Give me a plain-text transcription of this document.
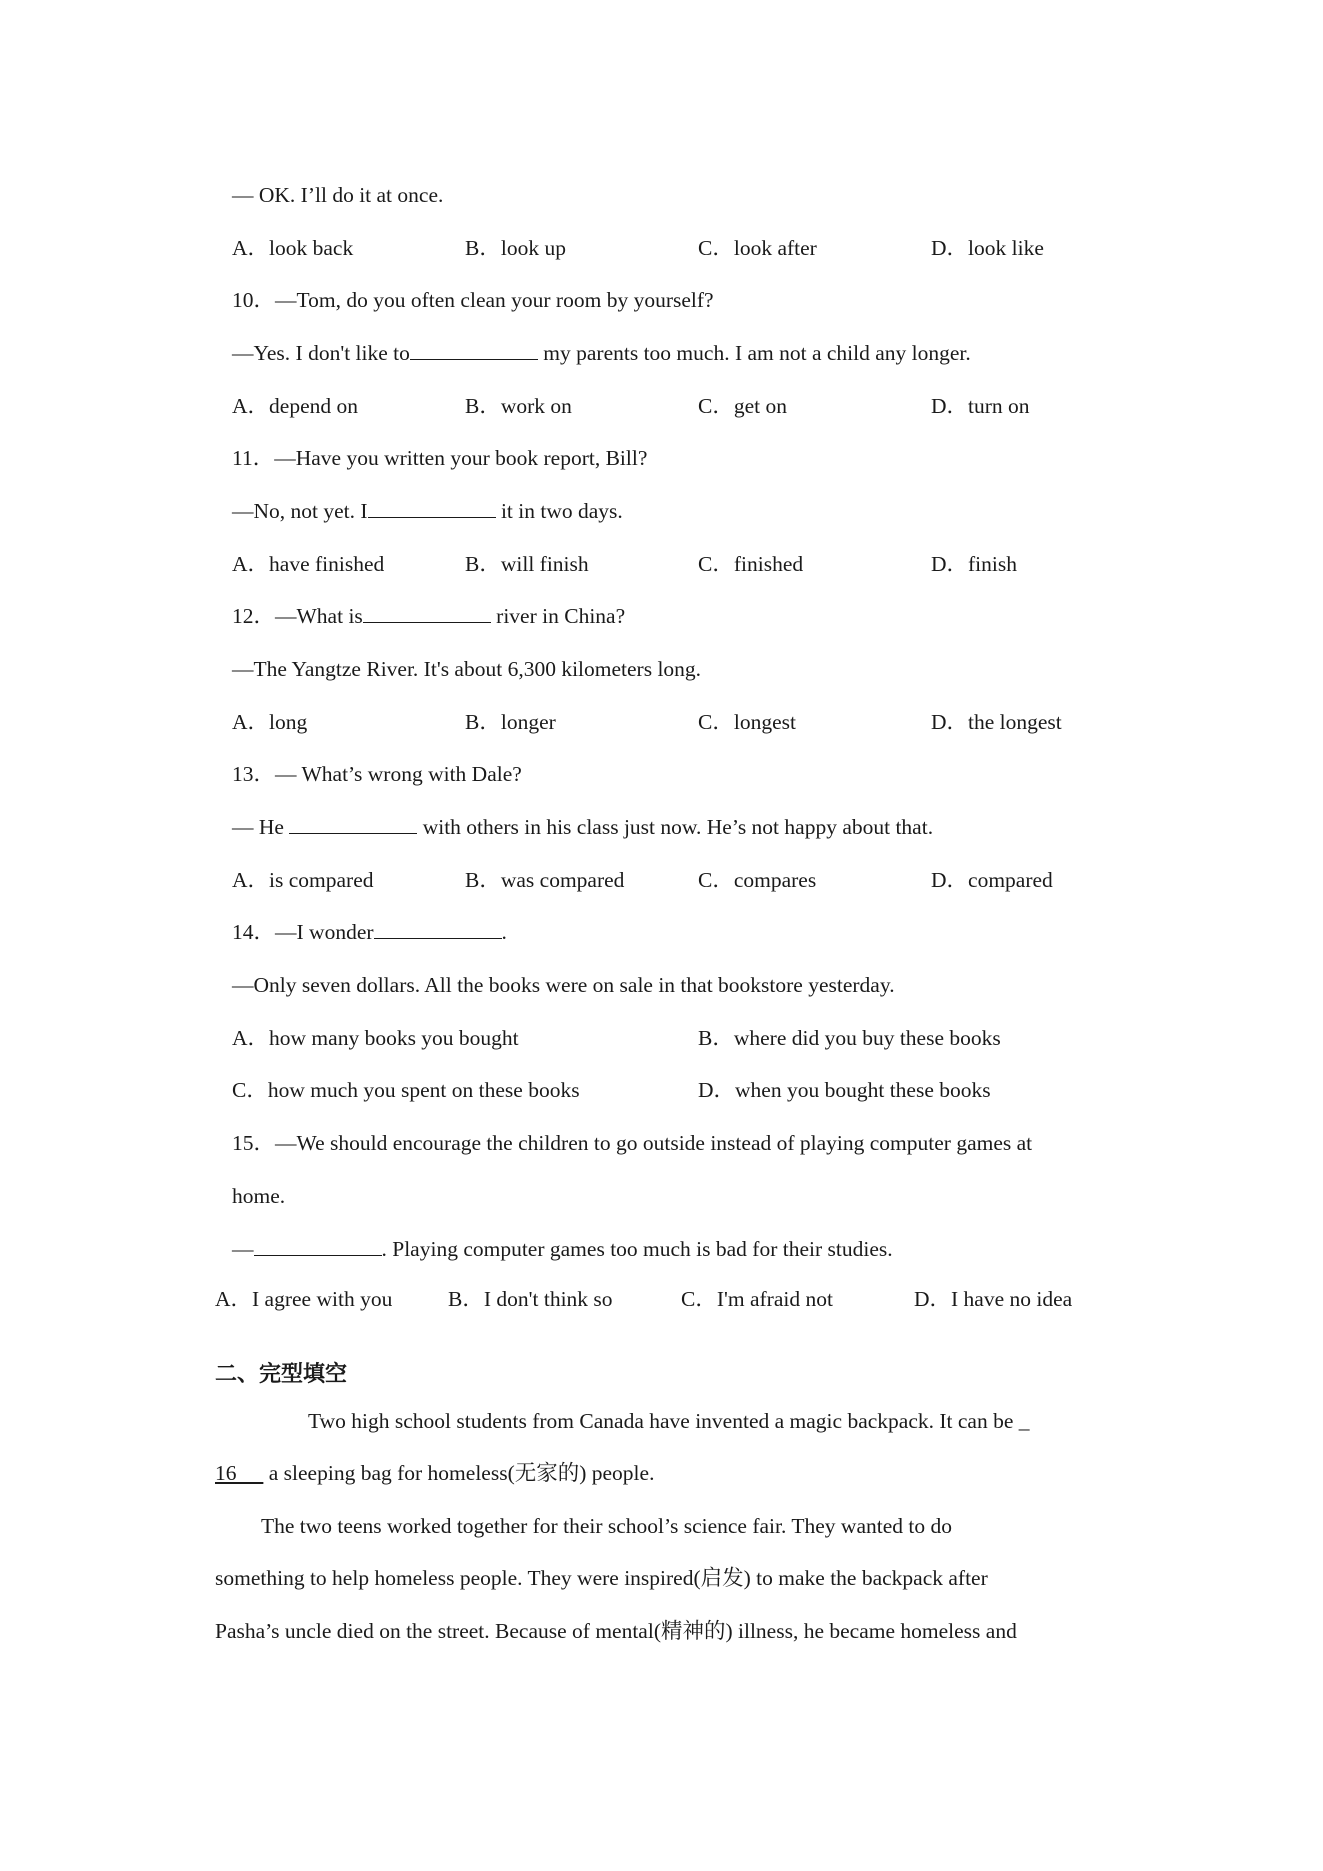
— OK. I’ll do it at once.
A．look back	B．look up	C．look after	D．look like
10．—Tom, do you often clean your room by yourself?
—Yes. I don't like to	my parents too much. I am not a child any longer.
A．depend on	B．work on	C．get on	D．turn on
11．—Have you written your book report, Bill?
—No, not yet. I	it in two days.
A．have finished	B．will finish	C．finished	D．finish
12．—What is	river in China?
—The Yangtze River. It's about 6,300 kilometers long.
A．long	B．longer	C．longest	D．the longest
13．— What’s wrong with Dale?
— He	with others in his class just now. He’s not happy about that.
A．is compared	B．was compared	C．compares	D．compared
14．—I wonder	.
—Only seven dollars. All the books were on sale in that bookstore yesterday.
A．how many books you bought	B．where did you buy these books
C．how much you spent on these books	D．when you bought these books
15．—We should encourage the children to go outside instead of playing computer games at
home.
—	. Playing computer games too much is bad for their studies.
A．I agree with you	B．I don't think so	C．I'm afraid not	D．I have no idea
二、完型填空
Two high school students from Canada have invented a magic backpack. It can be _
16      a sleeping bag for homeless(无家的) people.
The two teens worked together for their school’s science fair. They wanted to do
something to help homeless people. They were inspired(启发) to make the backpack after
Pasha’s uncle died on the street. Because of mental(精神的) illness, he became homeless and
